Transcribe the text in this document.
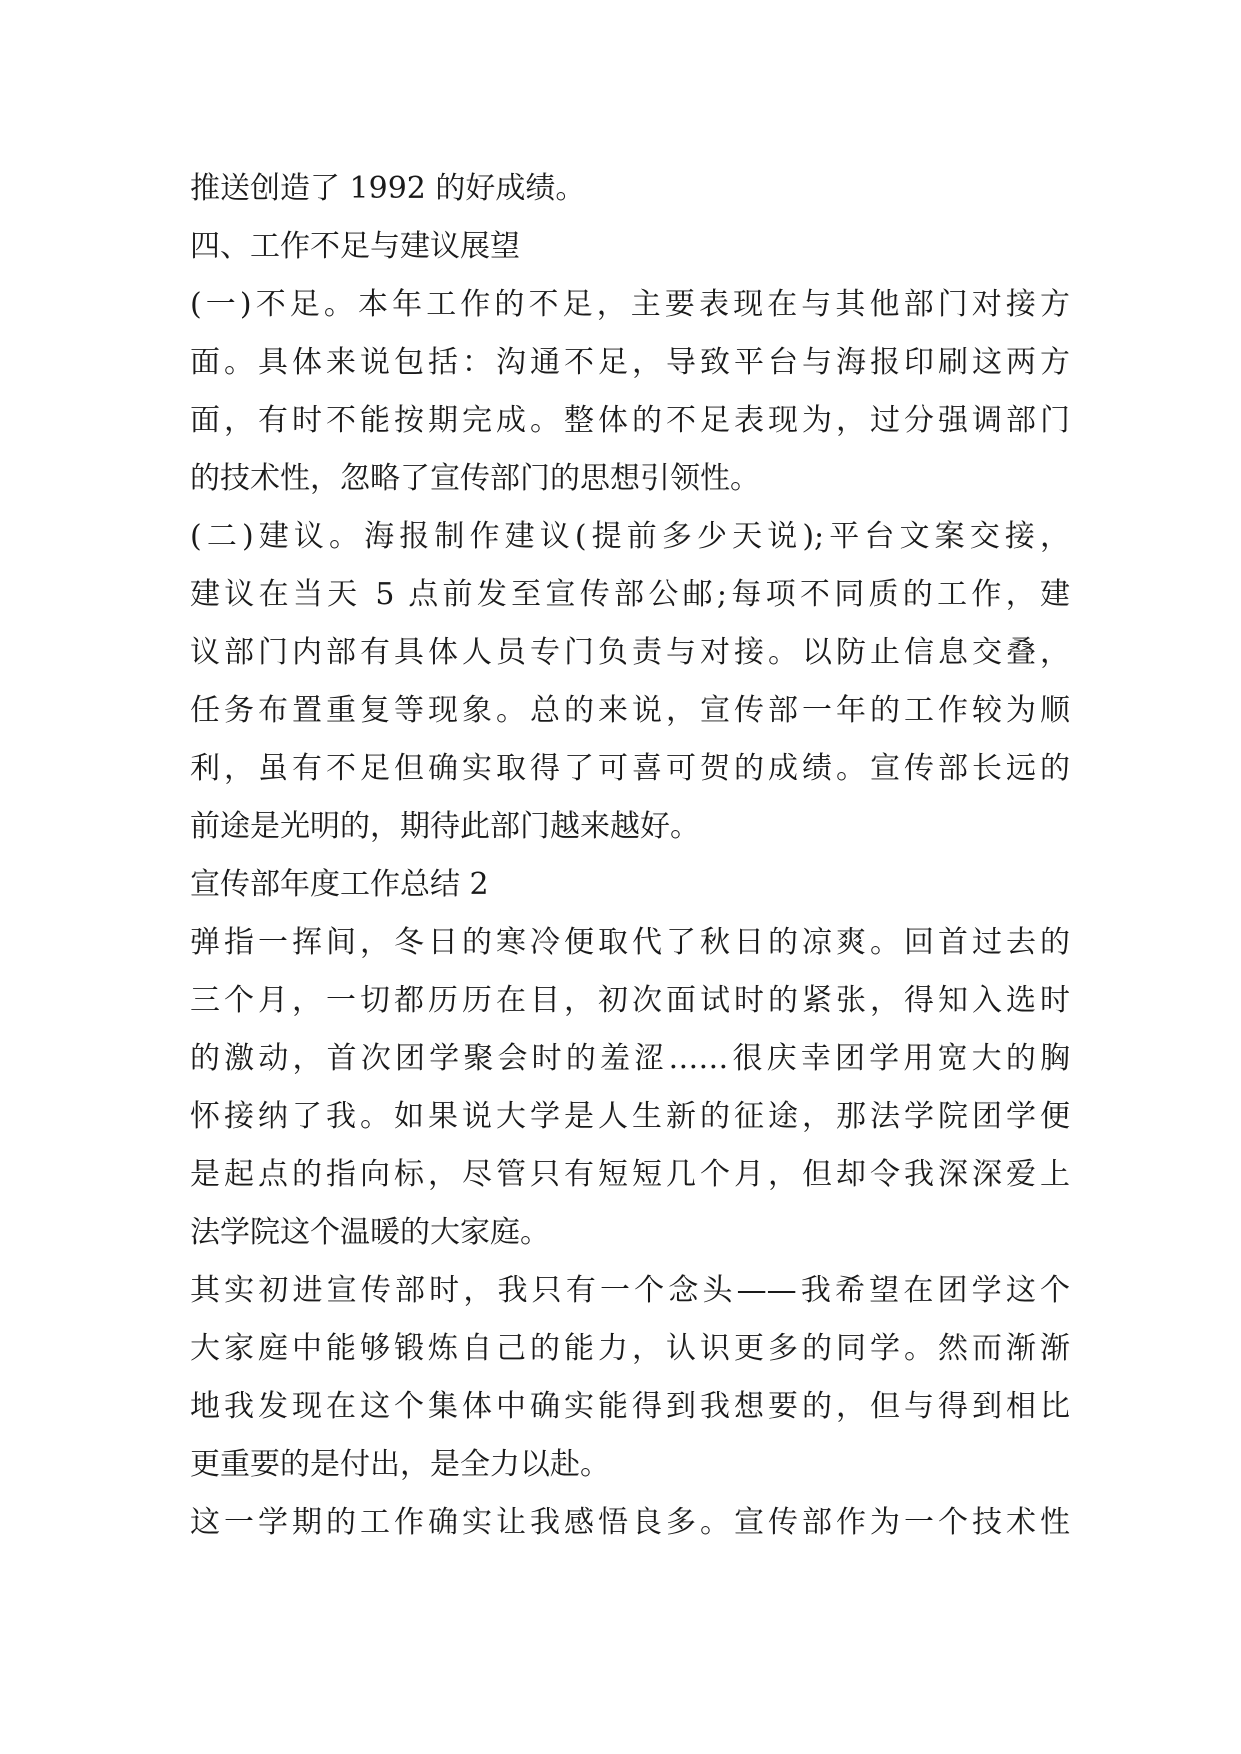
推送创造了 1992 的好成绩。
四、工作不足与建议展望
(一)不足。本年工作的不足，主要表现在与其他部门对接方
面。具体来说包括：沟通不足，导致平台与海报印刷这两方
面，有时不能按期完成。整体的不足表现为，过分强调部门
的技术性，忽略了宣传部门的思想引领性。
(二)建议。海报制作建议(提前多少天说);平台文案交接，
建议在当天 5 点前发至宣传部公邮;每项不同质的工作，建
议部门内部有具体人员专门负责与对接。以防止信息交叠，
任务布置重复等现象。总的来说，宣传部一年的工作较为顺
利，虽有不足但确实取得了可喜可贺的成绩。宣传部长远的
前途是光明的，期待此部门越来越好。
宣传部年度工作总结 2
弹指一挥间，冬日的寒冷便取代了秋日的凉爽。回首过去的
三个月，一切都历历在目，初次面试时的紧张，得知入选时
的激动，首次团学聚会时的羞涩……很庆幸团学用宽大的胸
怀接纳了我。如果说大学是人生新的征途，那法学院团学便
是起点的指向标，尽管只有短短几个月，但却令我深深爱上
法学院这个温暖的大家庭。
其实初进宣传部时，我只有一个念头——我希望在团学这个
大家庭中能够锻炼自己的能力，认识更多的同学。然而渐渐
地我发现在这个集体中确实能得到我想要的，但与得到相比
更重要的是付出，是全力以赴。
这一学期的工作确实让我感悟良多。宣传部作为一个技术性
